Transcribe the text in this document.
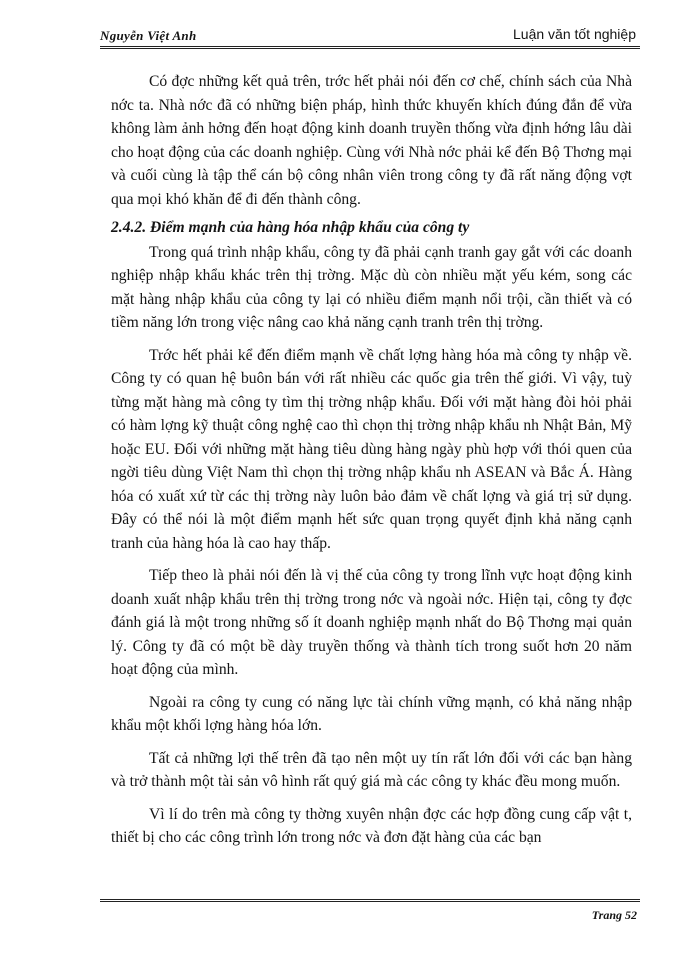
Nguyễn Việt Anh	Luận văn tốt nghiệp

Có đợc những kết quả trên, trớc hết phải nói đến cơ chế, chính sách của Nhà nớc ta. Nhà nớc đã có những biện pháp, hình thức khuyến khích đúng đắn để vừa không làm ảnh hởng đến hoạt động kinh doanh truyền thống vừa định hớng lâu dài cho hoạt động của các doanh nghiệp. Cùng với Nhà nớc phải kể đến Bộ Thơng mại và cuối cùng là tập thể cán bộ công nhân viên trong công ty đã rất năng động vợt qua mọi khó khăn để đi đến thành công.

2.4.2. Điểm mạnh của hàng hóa nhập khẩu của công ty

Trong quá trình nhập khẩu, công ty đã phải cạnh tranh gay gắt với các doanh nghiệp nhập khẩu khác trên thị trờng. Mặc dù còn nhiều mặt yếu kém, song các mặt hàng nhập khẩu của công ty lại có nhiều điểm mạnh nổi trội, cần thiết và có tiềm năng lớn trong việc nâng cao khả năng cạnh tranh trên thị trờng.

Trớc hết phải kể đến điểm mạnh về chất lợng hàng hóa mà công ty nhập về. Công ty có quan hệ buôn bán với rất nhiều các quốc gia trên thế giới. Vì vậy, tuỳ từng mặt hàng mà công ty tìm thị trờng nhập khẩu. Đối với mặt hàng đòi hỏi phải có hàm lợng kỹ thuật công nghệ cao thì chọn thị trờng nhập khẩu nh Nhật Bản, Mỹ hoặc EU. Đối với những mặt hàng tiêu dùng hàng ngày phù hợp với thói quen của ngời tiêu dùng Việt Nam thì chọn thị trờng nhập khẩu nh ASEAN và Bắc Á. Hàng hóa có xuất xứ từ các thị trờng này luôn bảo đảm về chất lợng và giá trị sử dụng. Đây có thể nói là một điểm mạnh hết sức quan trọng quyết định khả năng cạnh tranh của hàng hóa là cao hay thấp.

Tiếp theo là phải nói đến là vị thế của công ty trong lĩnh vực hoạt động kinh doanh xuất nhập khẩu trên thị trờng trong nớc và ngoài nớc. Hiện tại, công ty đợc đánh giá là một trong những số ít doanh nghiệp mạnh nhất do Bộ Thơng mại quản lý. Công ty đã có một bề dày truyền thống và thành tích trong suốt hơn 20 năm hoạt động của mình.

Ngoài ra công ty cung có năng lực tài chính vững mạnh, có khả năng nhập khẩu một khối lợng hàng hóa lớn.

Tất cả những lợi thế trên đã tạo nên một uy tín rất lớn đối với các bạn hàng và trở thành một tài sản vô hình rất quý giá mà các công ty khác đều mong muốn.

Vì lí do trên mà công ty thờng xuyên nhận đợc các hợp đồng cung cấp vật t, thiết bị cho các công trình lớn trong nớc và đơn đặt hàng của các bạn

Trang 52
